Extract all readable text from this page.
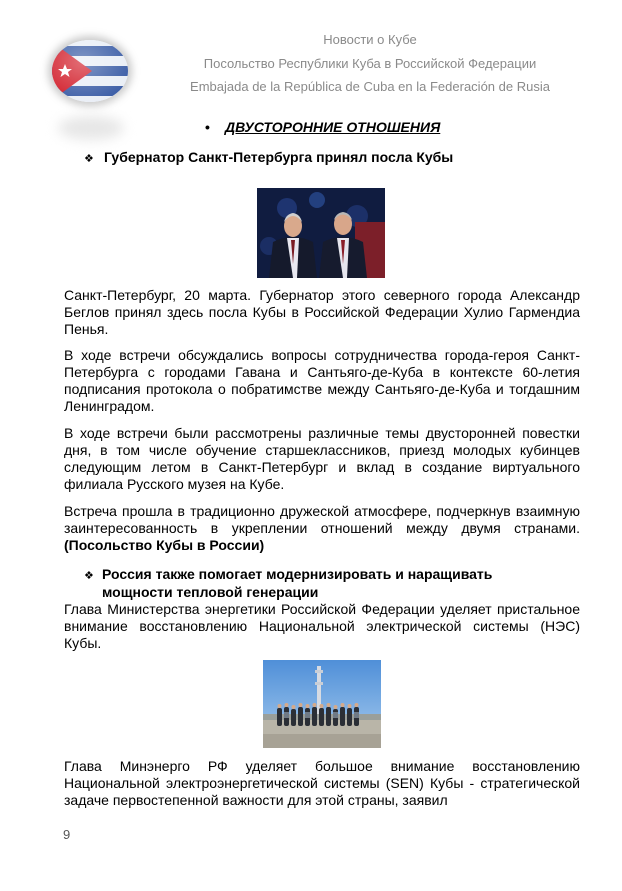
Новости о Кубе
Посольство Республики Куба в Российской Федерации
Embajada de la República de Cuba en la Federación de Rusia
• ДВУСТОРОННИЕ ОТНОШЕНИЯ
❖ Губернатор Санкт-Петербурга принял посла Кубы

Санкт-Петербург, 20 марта. Губернатор этого северного города Александр Беглов принял здесь посла Кубы в Российской Федерации Хулио Гармендиа Пенья.

В ходе встречи обсуждались вопросы сотрудничества города-героя Санкт-Петербурга с городами Гавана и Сантьяго-де-Куба в контексте 60-летия подписания протокола о побратимстве между Сантьяго-де-Куба и тогдашним Ленинградом.

В ходе встречи были рассмотрены различные темы двусторонней повестки дня, в том числе обучение старшеклассников, приезд молодых кубинцев следующим летом в Санкт-Петербург и вклад в создание виртуального филиала Русского музея на Кубе.

Встреча прошла в традиционно дружеской атмосфере, подчеркнув взаимную заинтересованность в укреплении отношений между двумя странами. (Посольство Кубы в России)

❖ Россия также помогает модернизировать и наращивать
мощности тепловой генерации

Глава Министерства энергетики Российской Федерации уделяет пристальное внимание восстановлению Национальной электрической системы (НЭС) Кубы.

Глава Минэнерго РФ уделяет большое внимание восстановлению Национальной электроэнергетической системы (SEN) Кубы - стратегической задаче первостепенной важности для этой страны, заявил

9
